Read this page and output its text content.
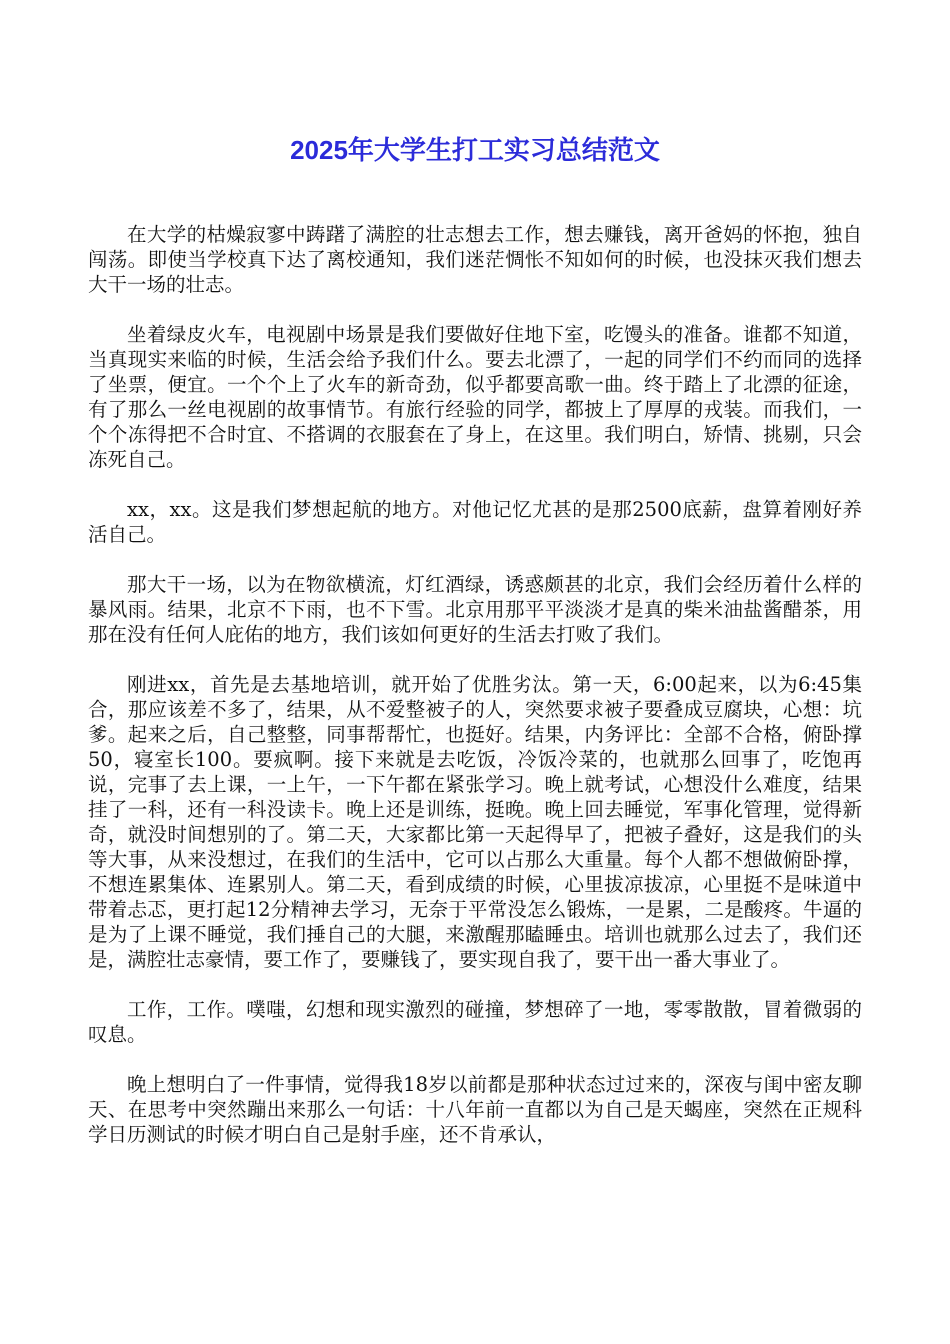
2025年大学生打工实习总结范文

在大学的枯燥寂寥中踌躇了满腔的壮志想去工作，想去赚钱，离开爸妈的怀抱，独自闯荡。即使当学校真下达了离校通知，我们迷茫惆怅不知如何的时候，也没抹灭我们想去大干一场的壮志。

坐着绿皮火车，电视剧中场景是我们要做好住地下室，吃馒头的准备。谁都不知道，当真现实来临的时候，生活会给予我们什么。要去北漂了，一起的同学们不约而同的选择了坐票，便宜。一个个上了火车的新奇劲，似乎都要高歌一曲。终于踏上了北漂的征途，有了那么一丝电视剧的故事情节。有旅行经验的同学，都披上了厚厚的戎装。而我们，一个个冻得把不合时宜、不搭调的衣服套在了身上，在这里。我们明白，矫情、挑剔，只会冻死自己。

xx，xx。这是我们梦想起航的地方。对他记忆尤甚的是那2500底薪，盘算着刚好养活自己。

那大干一场，以为在物欲横流，灯红酒绿，诱惑颇甚的北京，我们会经历着什么样的暴风雨。结果，北京不下雨，也不下雪。北京用那平平淡淡才是真的柴米油盐酱醋茶，用那在没有任何人庇佑的地方，我们该如何更好的生活去打败了我们。

刚进xx，首先是去基地培训，就开始了优胜劣汰。第一天，6:00起来，以为6:45集合，那应该差不多了，结果，从不爱整被子的人，突然要求被子要叠成豆腐块，心想：坑爹。起来之后，自己整整，同事帮帮忙，也挺好。结果，内务评比：全部不合格，俯卧撑50，寝室长100。要疯啊。接下来就是去吃饭，冷饭冷菜的，也就那么回事了，吃饱再说，完事了去上课，一上午，一下午都在紧张学习。晚上就考试，心想没什么难度，结果挂了一科，还有一科没读卡。晚上还是训练，挺晚。晚上回去睡觉，军事化管理，觉得新奇，就没时间想别的了。第二天，大家都比第一天起得早了，把被子叠好，这是我们的头等大事，从来没想过，在我们的生活中，它可以占那么大重量。每个人都不想做俯卧撑，不想连累集体、连累别人。第二天，看到成绩的时候，心里拔凉拔凉，心里挺不是味道中带着忐忑，更打起12分精神去学习，无奈于平常没怎么锻炼，一是累，二是酸疼。牛逼的是为了上课不睡觉，我们捶自己的大腿，来激醒那瞌睡虫。培训也就那么过去了，我们还是，满腔壮志豪情，要工作了，要赚钱了，要实现自我了，要干出一番大事业了。

工作，工作。噗嗤，幻想和现实激烈的碰撞，梦想碎了一地，零零散散，冒着微弱的叹息。

晚上想明白了一件事情，觉得我18岁以前都是那种状态过过来的，深夜与闺中密友聊天、在思考中突然蹦出来那么一句话：十八年前一直都以为自己是天蝎座，突然在正规科学日历测试的时候才明白自己是射手座，还不肯承认，
